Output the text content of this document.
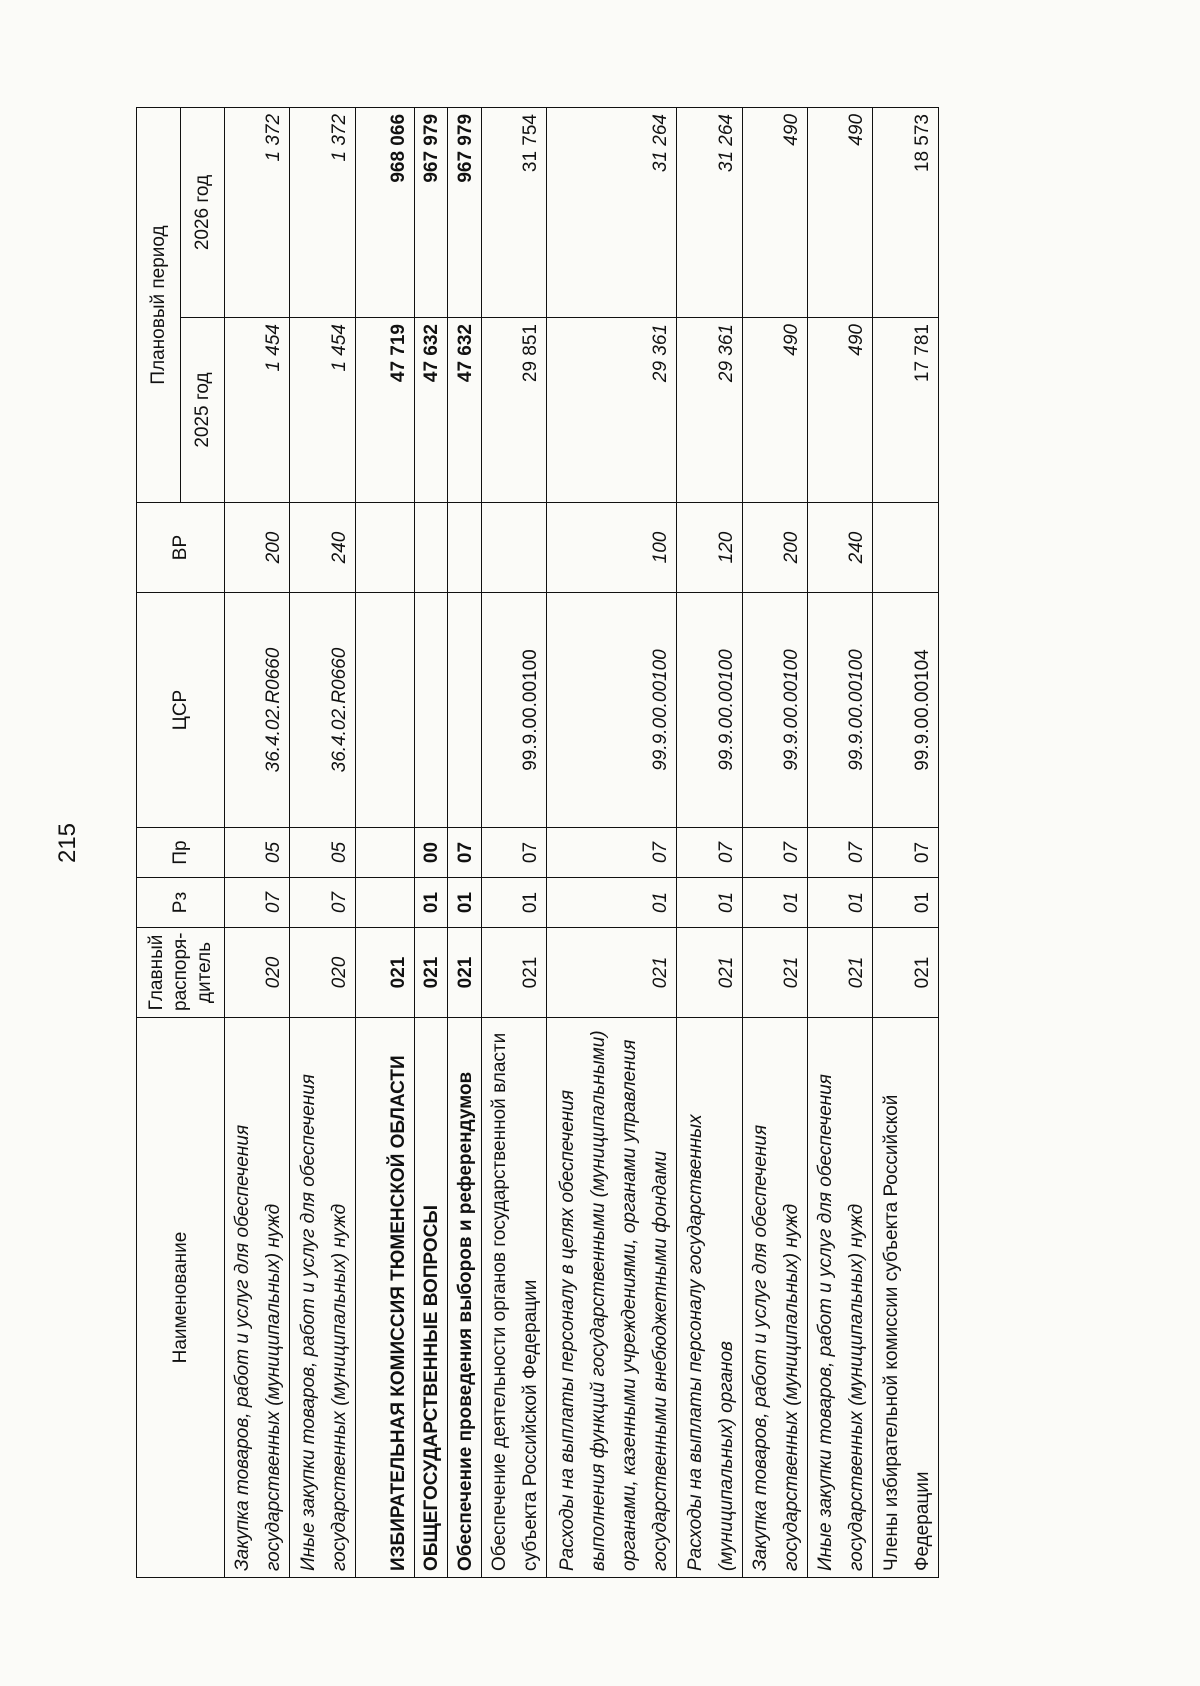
215
Наименование	Главный распоря-дитель	Рз	Пр	ЦСР	ВР	Плановый период	
						2025 год	2026 год
Закупка товаров, работ и услуг для обеспечения государственных (муниципальных) нужд	020	07	05	36.4.02.R0660	200	1 454	1 372
Иные закупки товаров, работ и услуг для обеспечения государственных (муниципальных) нужд	020	07	05	36.4.02.R0660	240	1 454	1 372
ИЗБИРАТЕЛЬНАЯ КОМИССИЯ ТЮМЕНСКОЙ ОБЛАСТИ	021					47 719	968 066
ОБЩЕГОСУДАРСТВЕННЫЕ ВОПРОСЫ	021	01	00			47 632	967 979
Обеспечение проведения выборов и референдумов	021	01	07			47 632	967 979
Обеспечение деятельности органов государственной власти субъекта Российской Федерации	021	01	07	99.9.00.00100		29 851	31 754
Расходы на выплаты персоналу в целях обеспечения выполнения функций государственными (муниципальными) органами, казенными учреждениями, органами управления государственными внебюджетными фондами	021	01	07	99.9.00.00100	100	29 361	31 264
Расходы на выплаты персоналу государственных (муниципальных) органов	021	01	07	99.9.00.00100	120	29 361	31 264
Закупка товаров, работ и услуг для обеспечения государственных (муниципальных) нужд	021	01	07	99.9.00.00100	200	490	490
Иные закупки товаров, работ и услуг для обеспечения государственных (муниципальных) нужд	021	01	07	99.9.00.00100	240	490	490
Члены избирательной комиссии субъекта Российской Федерации	021	01	07	99.9.00.00104		17 781	18 573
